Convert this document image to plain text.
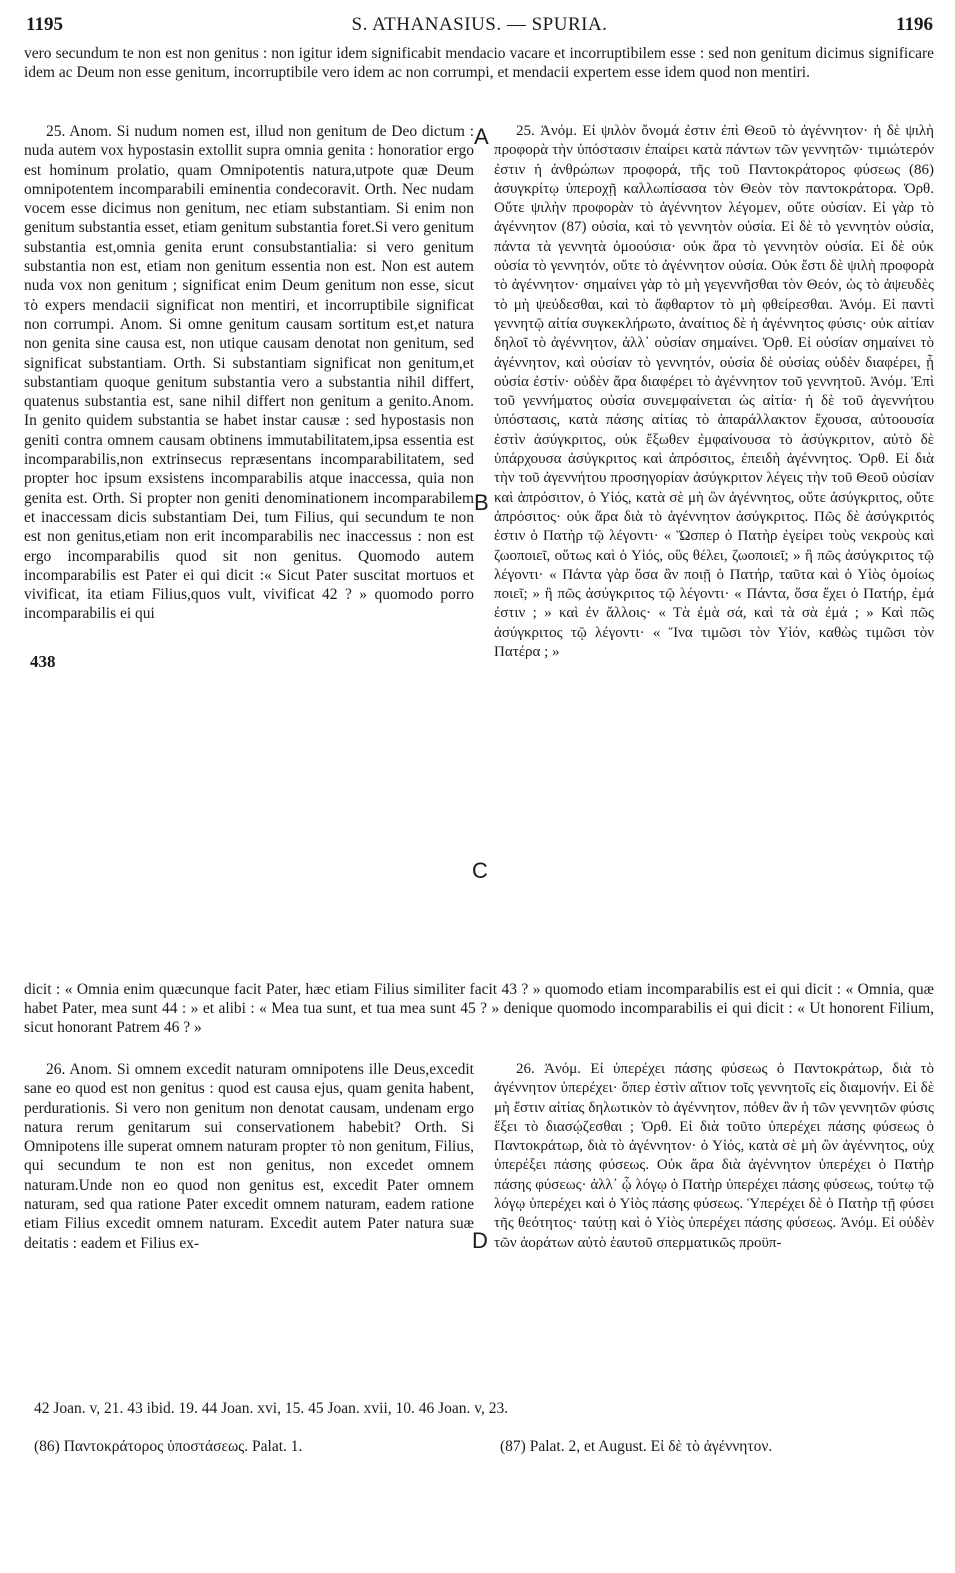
1195	S. ATHANASIUS. — SPURIA.	1196
vero secundum te non est non genitus : non igitur idem significabit mendacio vacare et incorruptibilem esse : sed non genitum dicimus significare idem ac Deum non esse genitum, incorruptibile vero idem ac non corrumpi, et mendacii expertem esse idem quod non mentiri.

25. Anom. Si nudum nomen est, illud non genitum de Deo dictum : nuda autem vox hypostasin extollit supra omnia genita : honoratior ergo est hominum prolatio, quam Omnipotentis natura,utpote quæ Deum omnipotentem incomparabili eminentia condecoravit. Orth. Nec nudam vocem esse dicimus non genitum, nec etiam substantiam. Si enim non genitum substantia esset, etiam genitum substantia foret.Si vero genitum substantia est,omnia genita erunt consubstantialia: si vero genitum substantia non est, etiam non genitum essentia non est. Non est autem nuda vox non genitum ; significat enim Deum genitum non esse, sicut τὸ expers mendacii significat non mentiri, et incorruptibile significat non corrumpi. Anom. Si omne genitum causam sortitum est,et natura non genita sine causa est, non utique causam denotat non genitum, sed significat substantiam. Orth. Si substantiam significat non genitum,et substantiam quoque genitum substantia vero a substantia nihil differt, quatenus substantia est, sane nihil differt non genitum a genito.Anom. In genito quidem substantia se habet instar causæ : sed hypostasis non geniti contra omnem causam obtinens immutabilitatem,ipsa essentia est incomparabilis,non extrinsecus repræsentans incomparabilitatem, sed propter hoc ipsum exsistens incomparabilis atque inaccessa, quia non genita est. Orth. Si propter non geniti denominationem incomparabilem et inaccessam dicis substantiam Dei, tum Filius, qui secundum te non est non genitus,etiam non erit incomparabilis nec inaccessus : non est ergo incomparabilis quod sit non genitus. Quomodo autem incomparabilis est Pater ei qui dicit :« Sicut Pater suscitat mortuos et vivificat, ita etiam Filius,quos vult, vivificat 42 ? » quomodo porro incomparabilis ei qui

25. Ἀνόμ. Εἰ ψιλὸν ὄνομά ἐστιν ἐπὶ Θεοῦ τὸ ἀγέννητον· ἡ δὲ ψιλὴ προφορὰ τὴν ὑπόστασιν ἐπαίρει κατὰ πάντων τῶν γεννητῶν· τιμιώτερόν ἐστιν ἡ ἀνθρώπων προφορά, τῆς τοῦ Παντοκράτορος φύσεως (86) ἀσυγκρίτῳ ὑπεροχῇ καλλωπίσασα τὸν Θεὸν τὸν παντοκράτορα. Ὀρθ. Οὔτε ψιλὴν προφορὰν τὸ ἀγέννητον λέγομεν, οὔτε οὐσίαν. Εἰ γὰρ τὸ ἀγέννητον (87) οὐσία, καὶ τὸ γεννητὸν οὐσία. Εἰ δὲ τὸ γεννητὸν οὐσία, πάντα τὰ γεννητὰ ὁμοούσια· οὐκ ἄρα τὸ γεννητὸν οὐσία. Εἰ δὲ οὐκ οὐσία τὸ γεννητόν, οὔτε τὸ ἀγέννητον οὐσία. Οὐκ ἔστι δὲ ψιλὴ προφορὰ τὸ ἀγέννητον· σημαίνει γὰρ τὸ μὴ γεγεννῆσθαι τὸν Θεόν, ὡς τὸ ἀψευδὲς τὸ μὴ ψεύδεσθαι, καὶ τὸ ἄφθαρτον τὸ μὴ φθείρεσθαι. Ἀνόμ. Εἰ παντὶ γεννητῷ αἰτία συγκεκλήρωτο, ἀναίτιος δὲ ἡ ἀγέννητος φύσις· οὐκ αἰτίαν δηλοῖ τὸ ἀγέννητον, ἀλλ᾽ οὐσίαν σημαίνει. Ὀρθ. Εἰ οὐσίαν σημαίνει τὸ ἀγέννητον, καὶ οὐσίαν τὸ γεννητόν, οὐσία δὲ οὐσίας οὐδὲν διαφέρει, ᾗ οὐσία ἐστίν· οὐδὲν ἄρα διαφέρει τὸ ἀγέννητον τοῦ γεννητοῦ. Ἀνόμ. Ἐπὶ τοῦ γεννήματος οὐσία συνεμφαίνεται ὡς αἰτία· ἡ δὲ τοῦ ἀγεννήτου ὑπόστασις, κατὰ πάσης αἰτίας τὸ ἀπαράλλακτον ἔχουσα, αὐτοουσία ἐστὶν ἀσύγκριτος, οὐκ ἔξωθεν ἐμφαίνουσα τὸ ἀσύγκριτον, αὐτὸ δὲ ὑπάρχουσα ἀσύγκριτος καὶ ἀπρόσιτος, ἐπειδὴ ἀγέννητος. Ὀρθ. Εἰ διὰ τὴν τοῦ ἀγεννήτου προσηγορίαν ἀσύγκριτον λέγεις τὴν τοῦ Θεοῦ οὐσίαν καὶ ἀπρόσιτον, ὁ Υἱός, κατὰ σὲ μὴ ὢν ἀγέννητος, οὔτε ἀσύγκριτος, οὔτε ἀπρόσιτος· οὐκ ἄρα διὰ τὸ ἀγέννητον ἀσύγκριτος. Πῶς δὲ ἀσύγκριτός ἐστιν ὁ Πατὴρ τῷ λέγοντι· « Ὥσπερ ὁ Πατὴρ ἐγείρει τοὺς νεκροὺς καὶ ζωοποιεῖ, οὕτως καὶ ὁ Υἱός, οὓς θέλει, ζωοποιεῖ; » ἢ πῶς ἀσύγκριτος τῷ λέγοντι· « Πάντα γὰρ ὅσα ἂν ποιῇ ὁ Πατήρ, ταῦτα καὶ ὁ Υἱὸς ὁμοίως ποιεῖ; » ἢ πῶς ἀσύγκριτος τῷ λέγοντι· « Πάντα, ὅσα ἔχει ὁ Πατήρ, ἐμά ἐστιν ; » καὶ ἐν ἄλλοις· « Τὰ ἐμὰ σά, καὶ τὰ σὰ ἐμά ; » Καὶ πῶς ἀσύγκριτος τῷ λέγοντι· « Ἵνα τιμῶσι τὸν Υἱόν, καθὼς τιμῶσι τὸν Πατέρα ; »

A
B
C
D
438
dicit : « Omnia enim quæcunque facit Pater, hæc etiam Filius similiter facit 43 ? » quomodo etiam incomparabilis est ei qui dicit : « Omnia, quæ habet Pater, mea sunt 44 : » et alibi : « Mea tua sunt, et tua mea sunt 45 ? » denique quomodo incomparabilis ei qui dicit : « Ut honorent Filium, sicut honorant Patrem 46 ? »

26. Anom. Si omnem excedit naturam omnipotens ille Deus,excedit sane eo quod est non genitus : quod est causa ejus, quam genita habent, perdurationis. Si vero non genitum non denotat causam, undenam ergo natura rerum genitarum sui conservationem habebit? Orth. Si Omnipotens ille superat omnem naturam propter τὸ non genitum, Filius, qui secundum te non est non genitus, non excedet omnem naturam.Unde non eo quod non genitus est, excedit Pater omnem naturam, sed qua ratione Pater excedit omnem naturam, eadem ratione etiam Filius excedit omnem naturam. Excedit autem Pater natura suæ deitatis : eadem et Filius ex-

26. Ἀνόμ. Εἰ ὑπερέχει πάσης φύσεως ὁ Παντοκράτωρ, διὰ τὸ ἀγέννητον ὑπερέχει· ὅπερ ἐστὶν αἴτιον τοῖς γεννητοῖς εἰς διαμονήν. Εἰ δὲ μὴ ἔστιν αἰτίας δηλωτικὸν τὸ ἀγέννητον, πόθεν ἂν ἡ τῶν γεννητῶν φύσις ἕξει τὸ διασῴζεσθαι ; Ὀρθ. Εἰ διὰ τοῦτο ὑπερέχει πάσης φύσεως ὁ Παντοκράτωρ, διὰ τὸ ἀγέννητον· ὁ Υἱός, κατὰ σὲ μὴ ὢν ἀγέννητος, οὐχ ὑπερέξει πάσης φύσεως. Οὐκ ἄρα διὰ ἀγέννητον ὑπερέχει ὁ Πατὴρ πάσης φύσεως· ἀλλ᾽ ᾧ λόγῳ ὁ Πατὴρ ὑπερέχει πάσης φύσεως, τούτῳ τῷ λόγῳ ὑπερέχει καὶ ὁ Υἱὸς πάσης φύσεως. Ὑπερέχει δὲ ὁ Πατὴρ τῇ φύσει τῆς θεότητος· ταύτῃ καὶ ὁ Υἱὸς ὑπερέχει πάσης φύσεως. Ἀνόμ. Εἰ οὐδὲν τῶν ἀοράτων αὐτὸ ἑαυτοῦ σπερματικῶς προϋπ-

42 Joan. v, 21. 43 ibid. 19. 44 Joan. xvi, 15. 45 Joan. xvii, 10. 46 Joan. v, 23.
(86) Παντοκράτορος ὑποστάσεως. Palat. 1.	(87) Palat. 2, et August. Εἰ δὲ τὸ ἀγέννητον.
